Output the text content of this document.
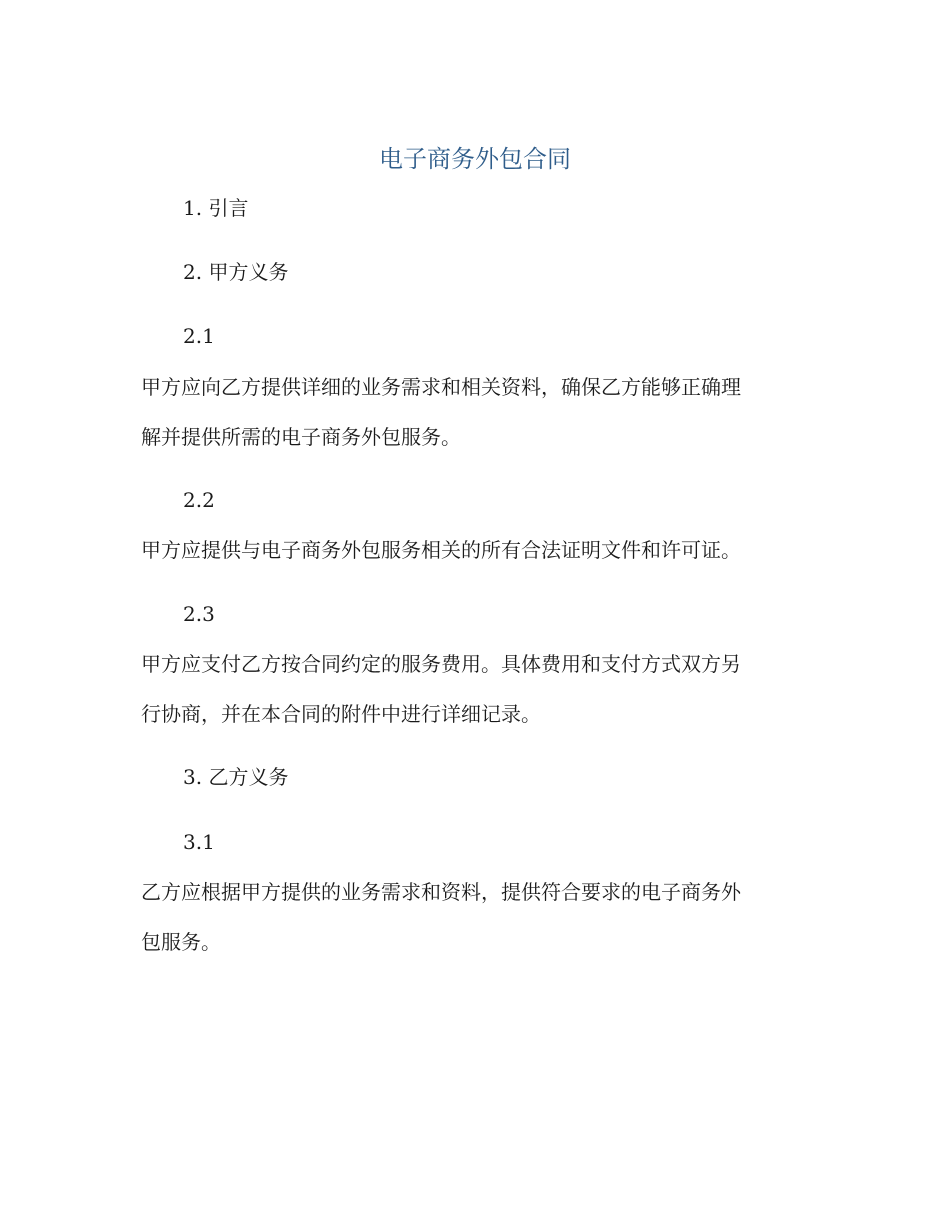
电子商务外包合同
1. 引言
2. 甲方义务
2.1
甲方应向乙方提供详细的业务需求和相关资料，确保乙方能够正确理
解并提供所需的电子商务外包服务。
2.2
甲方应提供与电子商务外包服务相关的所有合法证明文件和许可证。
2.3
甲方应支付乙方按合同约定的服务费用。具体费用和支付方式双方另
行协商，并在本合同的附件中进行详细记录。
3. 乙方义务
3.1
乙方应根据甲方提供的业务需求和资料，提供符合要求的电子商务外
包服务。
